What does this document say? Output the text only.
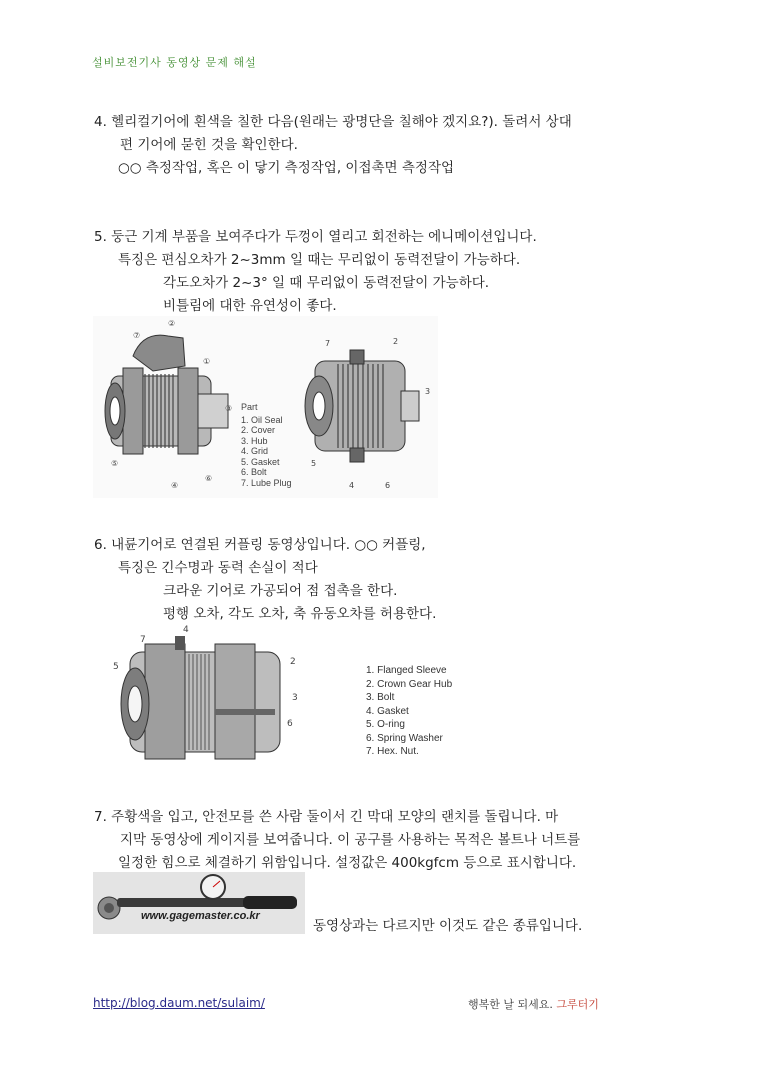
설비보전기사 동영상 문제 해설
4. 헬리컬기어에 흰색을 칠한 다음(원래는 광명단을 칠해야 겠지요?). 돌려서 상대
편 기어에 묻힌 것을 확인한다.
○○ 측정작업, 혹은 이 닿기 측정작업, 이접촉면 측정작업
5. 둥근 기계 부품을 보여주다가 두껑이 열리고 회전하는 에니메이션입니다.
특징은 편심오차가 2~3mm 일 때는 무리없이 동력전달이 가능하다.
각도오차가 2~3° 일 때 무리없이 동력전달이 가능하다.
비틀림에 대한 유연성이 좋다.
②
⑦
①
③
⑤
④
⑥
7	2
3
5
4	6
Part
1. Oil Seal
2. Cover
3. Hub
4. Grid
5. Gasket
6. Bolt
7. Lube Plug
6. 내륜기어로 연결된 커플링 동영상입니다. ○○ 커플링,
특징은 긴수명과 동력 손실이 적다
크라운 기어로 가공되어 점 접촉을 한다.
평행 오차, 각도 오차, 축 유동오차를 허용한다.
4
7
2
5
3
6
1. Flanged Sleeve
2. Crown Gear Hub
3. Bolt
4. Gasket
5. O-ring
6. Spring Washer
7. Hex. Nut.
7. 주황색을 입고, 안전모를 쓴 사람 둘이서 긴 막대 모양의 랜치를 돌립니다. 마
지막 동영상에 게이지를 보여줍니다. 이 공구를 사용하는 목적은 볼트나 너트를
일정한 힘으로 체결하기 위함입니다. 설정값은 400kgfcm 등으로 표시합니다.
www.gagemaster.co.kr
동영상과는 다르지만 이것도 같은 종류입니다.
http://blog.daum.net/sulaim/	행복한 날 되세요. 그루터기
